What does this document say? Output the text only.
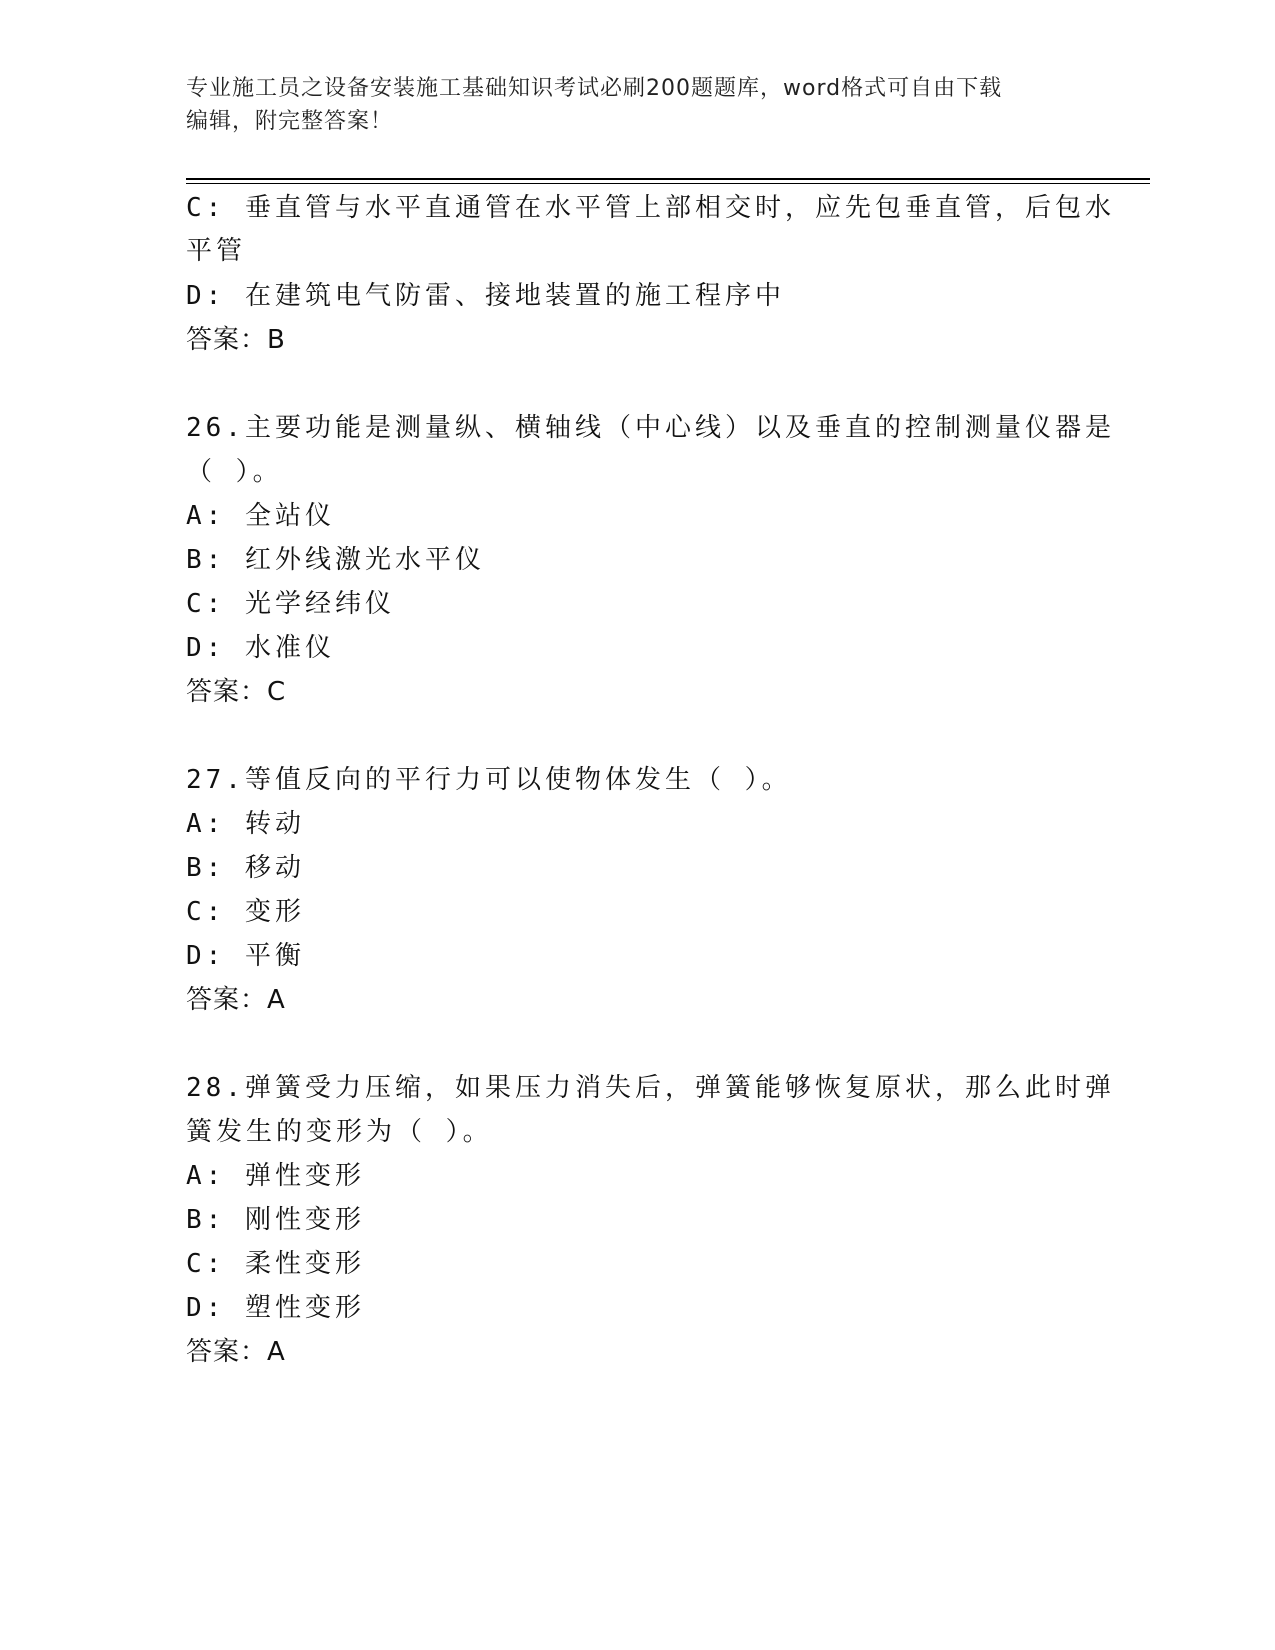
专业施工员之设备安装施工基础知识考试必刷200题题库，word格式可自由下载
编辑，附完整答案！
C: 垂直管与水平直通管在水平管上部相交时，应先包垂直管，后包水
平管
D: 在建筑电气防雷、接地装置的施工程序中
答案：B
26.主要功能是测量纵、横轴线（中心线）以及垂直的控制测量仪器是
（ ）。
A: 全站仪
B: 红外线激光水平仪
C: 光学经纬仪
D: 水准仪
答案：C
27.等值反向的平行力可以使物体发生（ ）。
A: 转动
B: 移动
C: 变形
D: 平衡
答案：A
28.弹簧受力压缩，如果压力消失后，弹簧能够恢复原状，那么此时弹
簧发生的变形为（ ）。
A: 弹性变形
B: 刚性变形
C: 柔性变形
D: 塑性变形
答案：A
